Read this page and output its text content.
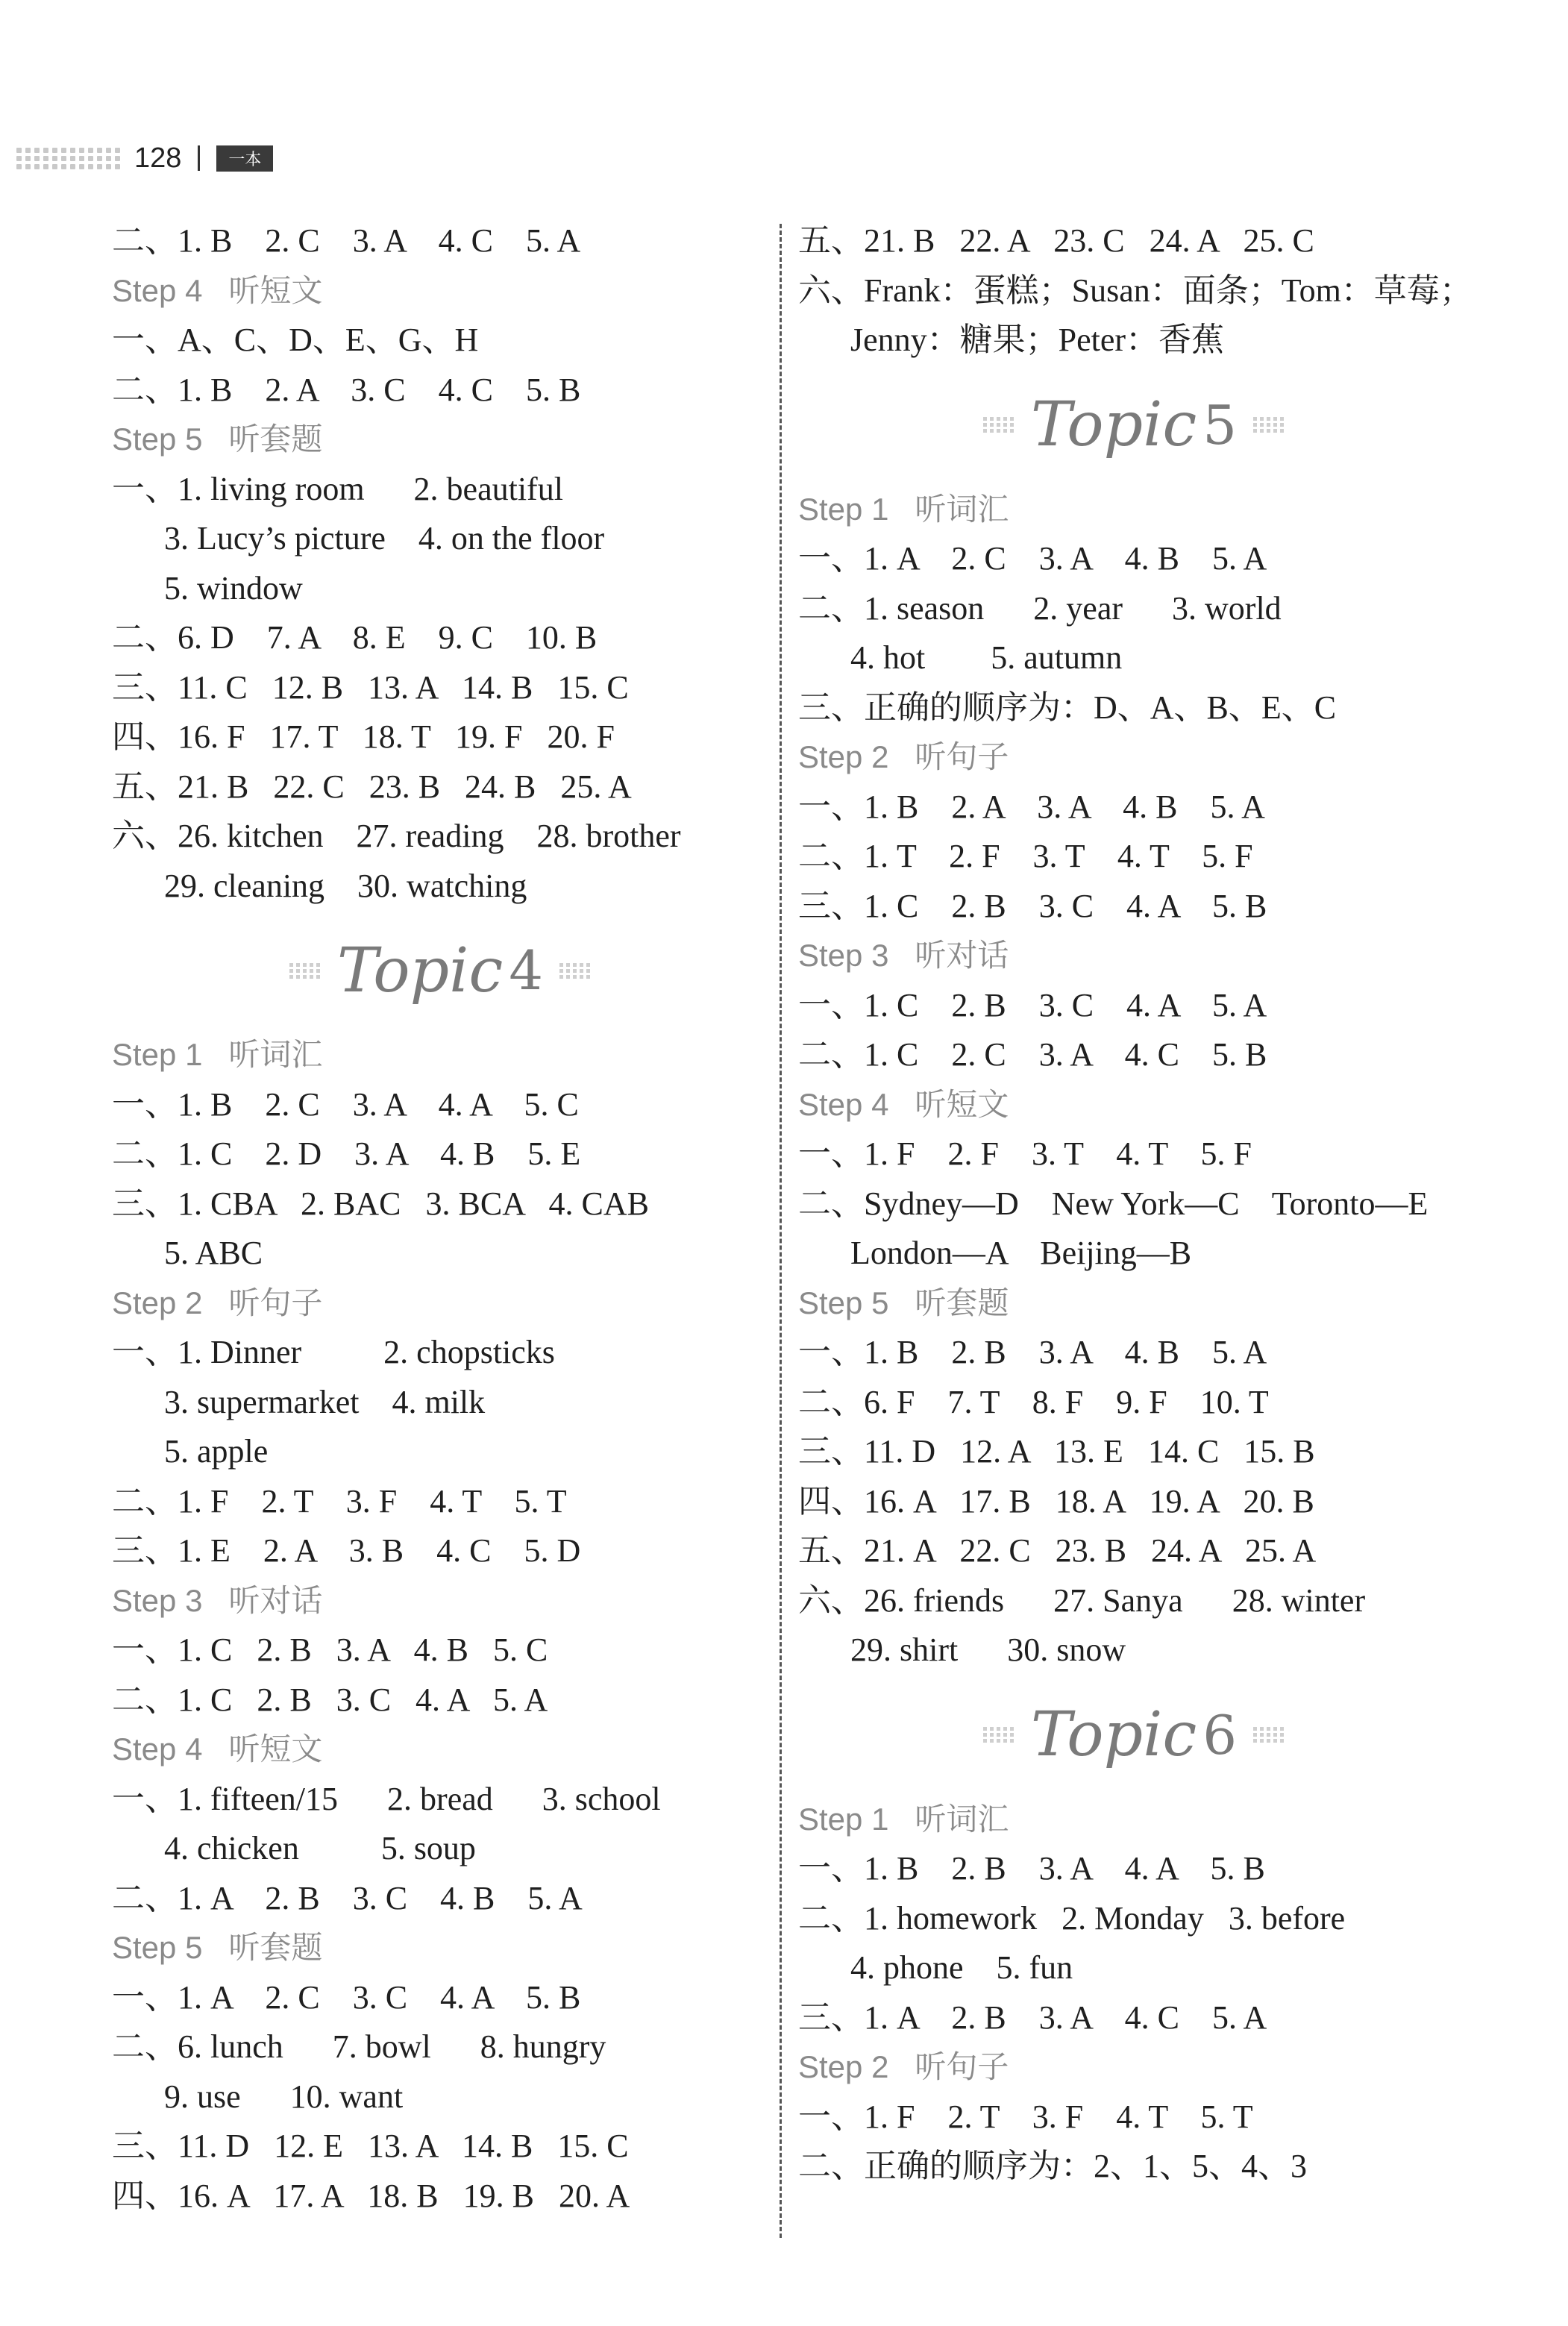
128	一本
二、1. B    2. C    3. A    4. C    5. A
Step 4   听短文
一、A、C、D、E、G、H
二、1. B    2. A    3. C    4. C    5. B
Step 5   听套题
一、1. living room      2. beautiful
3. Lucy’s picture    4. on the floor
5. window
二、6. D    7. A    8. E    9. C    10. B
三、11. C   12. B   13. A   14. B   15. C
四、16. F   17. T   18. T   19. F   20. F
五、21. B   22. C   23. B   24. B   25. A
六、26. kitchen    27. reading    28. brother
29. cleaning    30. watching
Topic 4
Step 1   听词汇
一、1. B    2. C    3. A    4. A    5. C
二、1. C    2. D    3. A    4. B    5. E
三、1. CBA   2. BAC   3. BCA   4. CAB
5. ABC
Step 2   听句子
一、1. Dinner          2. chopsticks
3. supermarket    4. milk
5. apple
二、1. F    2. T    3. F    4. T    5. T
三、1. E    2. A    3. B    4. C    5. D
Step 3   听对话
一、1. C   2. B   3. A   4. B   5. C
二、1. C   2. B   3. C   4. A   5. A
Step 4   听短文
一、1. fifteen/15      2. bread      3. school
4. chicken          5. soup
二、1. A    2. B    3. C    4. B    5. A
Step 5   听套题
一、1. A    2. C    3. C    4. A    5. B
二、6. lunch      7. bowl      8. hungry
9. use      10. want
三、11. D   12. E   13. A   14. B   15. C
四、16. A   17. A   18. B   19. B   20. A
五、21. B   22. A   23. C   24. A   25. C
六、Frank：蛋糕；Susan：面条；Tom：草莓；
Jenny：糖果；Peter：香蕉
Topic 5
Step 1   听词汇
一、1. A    2. C    3. A    4. B    5. A
二、1. season      2. year      3. world
4. hot        5. autumn
三、正确的顺序为：D、A、B、E、C
Step 2   听句子
一、1. B    2. A    3. A    4. B    5. A
二、1. T    2. F    3. T    4. T    5. F
三、1. C    2. B    3. C    4. A    5. B
Step 3   听对话
一、1. C    2. B    3. C    4. A    5. A
二、1. C    2. C    3. A    4. C    5. B
Step 4   听短文
一、1. F    2. F    3. T    4. T    5. F
二、Sydney—D    New York—C    Toronto—E
London—A    Beijing—B
Step 5   听套题
一、1. B    2. B    3. A    4. B    5. A
二、6. F    7. T    8. F    9. F    10. T
三、11. D   12. A   13. E   14. C   15. B
四、16. A   17. B   18. A   19. A   20. B
五、21. A   22. C   23. B   24. A   25. A
六、26. friends      27. Sanya      28. winter
29. shirt      30. snow
Topic 6
Step 1   听词汇
一、1. B    2. B    3. A    4. A    5. B
二、1. homework   2. Monday   3. before
4. phone    5. fun
三、1. A    2. B    3. A    4. C    5. A
Step 2   听句子
一、1. F    2. T    3. F    4. T    5. T
二、正确的顺序为：2、1、5、4、3
